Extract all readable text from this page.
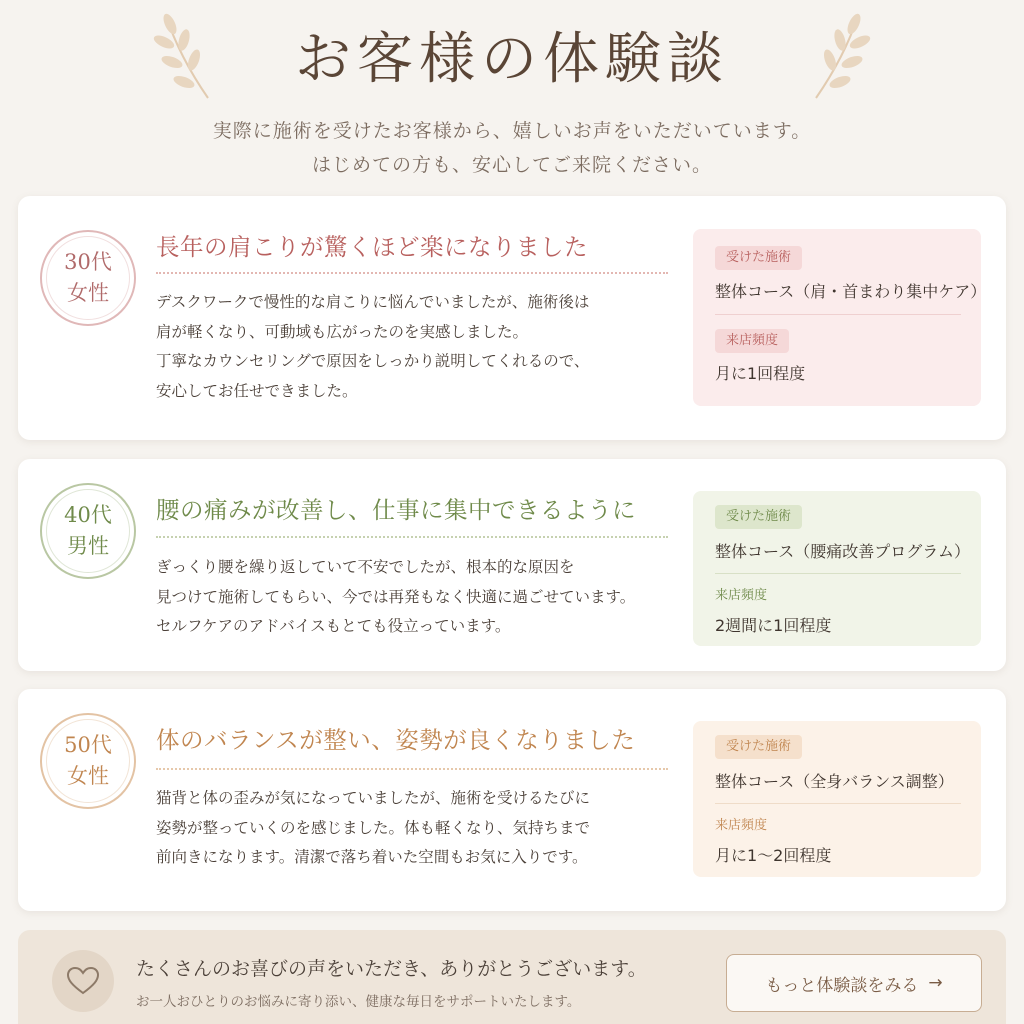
お客様の体験談
実際に施術を受けたお客様から、嬉しいお声をいただいています。
はじめての方も、安心してご来院ください。
30代
女性
長年の肩こりが驚くほど楽になりました
デスクワークで慢性的な肩こりに悩んでいましたが、施術後は
肩が軽くなり、可動域も広がったのを実感しました。
丁寧なカウンセリングで原因をしっかり説明してくれるので、
安心してお任せできました。
受けた施術
整体コース（肩・首まわり集中ケア）
来店頻度
月に1回程度
40代
男性
腰の痛みが改善し、仕事に集中できるように
ぎっくり腰を繰り返していて不安でしたが、根本的な原因を
見つけて施術してもらい、今では再発もなく快適に過ごせています。
セルフケアのアドバイスもとても役立っています。
受けた施術
整体コース（腰痛改善プログラム）
来店頻度
2週間に1回程度
50代
女性
体のバランスが整い、姿勢が良くなりました
猫背と体の歪みが気になっていましたが、施術を受けるたびに
姿勢が整っていくのを感じました。体も軽くなり、気持ちまで
前向きになります。清潔で落ち着いた空間もお気に入りです。
受けた施術
整体コース（全身バランス調整）
来店頻度
月に1〜2回程度
たくさんのお喜びの声をいただき、ありがとうございます。
お一人おひとりのお悩みに寄り添い、健康な毎日をサポートいたします。
もっと体験談をみる →
